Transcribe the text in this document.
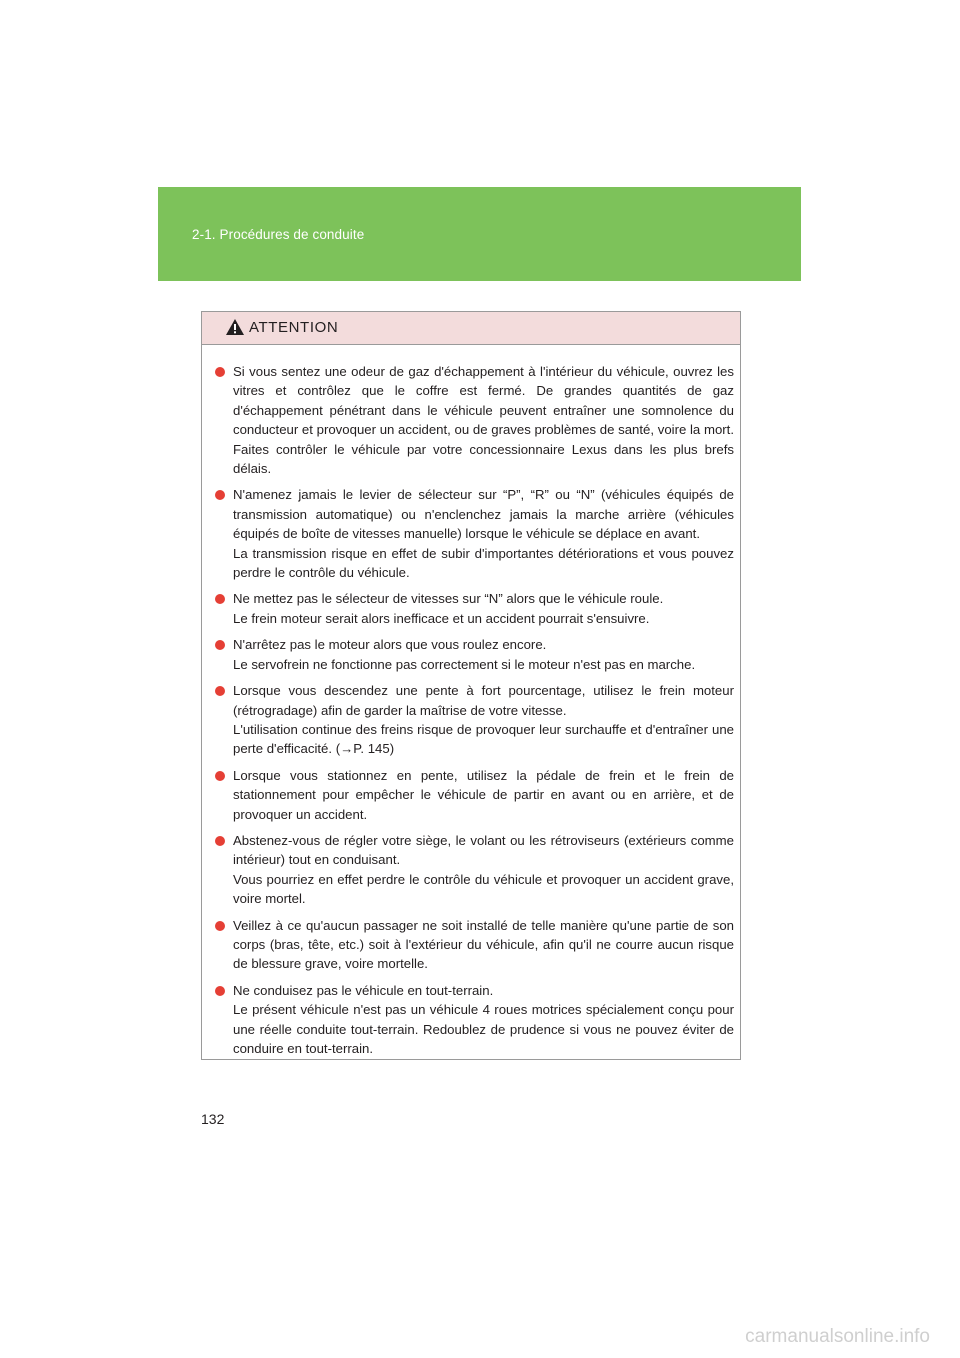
2-1. Procédures de conduite
ATTENTION

Si vous sentez une odeur de gaz d'échappement à l'intérieur du véhicule, ouvrez les vitres et contrôlez que le coffre est fermé. De grandes quantités de gaz d'échappement pénétrant dans le véhicule peuvent entraîner une somnolence du conducteur et provoquer un accident, ou de graves problèmes de santé, voire la mort. Faites contrôler le véhicule par votre concessionnaire Lexus dans les plus brefs délais.

N'amenez jamais le levier de sélecteur sur “P”, “R” ou “N” (véhicules équipés de transmission automatique) ou n'enclenchez jamais la marche arrière (véhicules équipés de boîte de vitesses manuelle) lorsque le véhicule se déplace en avant.

La transmission risque en effet de subir d'importantes détériorations et vous pouvez perdre le contrôle du véhicule.

Ne mettez pas le sélecteur de vitesses sur “N” alors que le véhicule roule.

Le frein moteur serait alors inefficace et un accident pourrait s'ensuivre.

N'arrêtez pas le moteur alors que vous roulez encore.

Le servofrein ne fonctionne pas correctement si le moteur n'est pas en marche.

Lorsque vous descendez une pente à fort pourcentage, utilisez le frein moteur (rétrogradage) afin de garder la maîtrise de votre vitesse.

L'utilisation continue des freins risque de provoquer leur surchauffe et d'entraîner une perte d'efficacité. (→P. 145)

Lorsque vous stationnez en pente, utilisez la pédale de frein et le frein de stationnement pour empêcher le véhicule de partir en avant ou en arrière, et de provoquer un accident.

Abstenez-vous de régler votre siège, le volant ou les rétroviseurs (extérieurs comme intérieur) tout en conduisant.

Vous pourriez en effet perdre le contrôle du véhicule et provoquer un accident grave, voire mortel.

Veillez à ce qu'aucun passager ne soit installé de telle manière qu'une partie de son corps (bras, tête, etc.) soit à l'extérieur du véhicule, afin qu'il ne courre aucun risque de blessure grave, voire mortelle.

Ne conduisez pas le véhicule en tout-terrain.

Le présent véhicule n'est pas un véhicule 4 roues motrices spécialement conçu pour une réelle conduite tout-terrain. Redoublez de prudence si vous ne pouvez éviter de conduire en tout-terrain.

132
carmanualsonline.info
